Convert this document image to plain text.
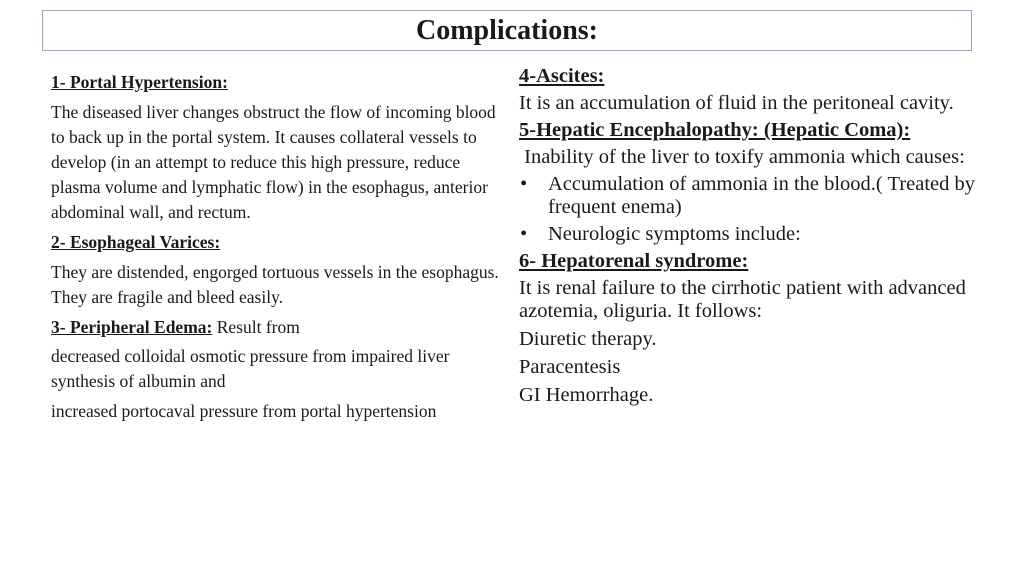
Complications:

1- Portal Hypertension:

The diseased liver changes obstruct the flow of incoming blood to back up in the portal system. It causes collateral vessels to develop (in an attempt to reduce this high pressure, reduce plasma volume and lymphatic flow) in the esophagus, anterior abdominal wall, and rectum.

2- Esophageal Varices:

They are distended, engorged tortuous vessels in the esophagus. They are fragile and bleed easily.

3- Peripheral Edema: Result from

decreased colloidal osmotic pressure from impaired liver synthesis of albumin and

increased portocaval pressure from portal hypertension

4-Ascites:

It is an accumulation of fluid in the peritoneal cavity.

5-Hepatic Encephalopathy: (Hepatic Coma):

Inability of the liver to toxify ammonia which causes:

• Accumulation of ammonia in the blood.( Treated by frequent enema)
• Neurologic symptoms include:

6- Hepatorenal syndrome:

It is renal failure to the cirrhotic patient with advanced azotemia, oliguria. It follows:

Diuretic therapy.

Paracentesis

GI Hemorrhage.
